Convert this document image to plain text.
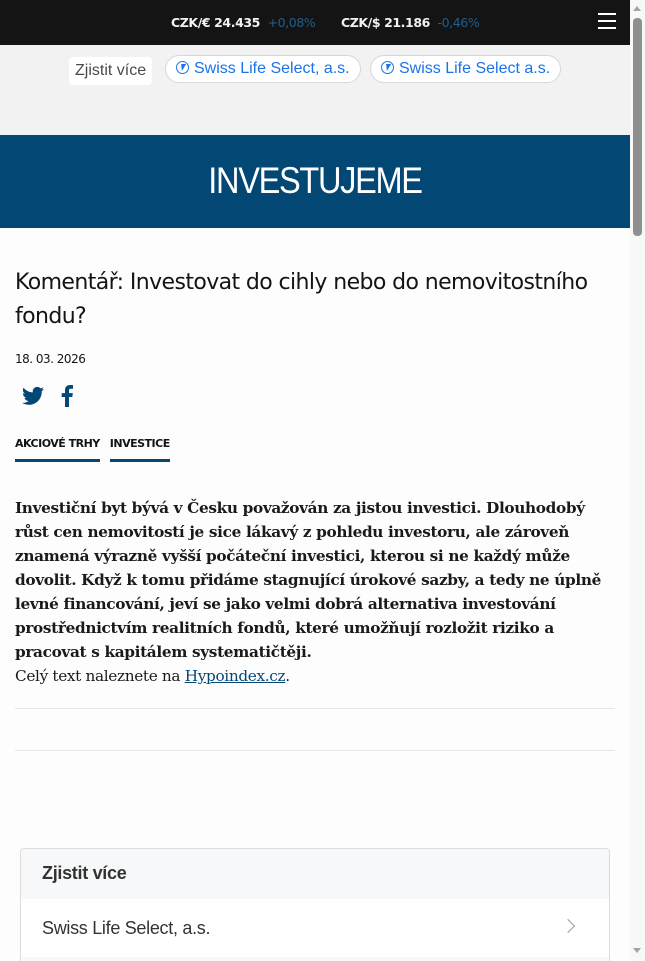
CZK/€ 24.435 +0,08% CZK/$ 21.186 -0,46%
Zjistit více	Swiss Life Select, a.s.	Swiss Life Select a.s.
INVESTUJEME
Komentář: Investovat do cihly nebo do nemovitostního fondu?
18. 03. 2026
AKCIOVÉ TRHY INVESTICE

Investiční byt bývá v Česku považován za jistou investici. Dlouhodobý růst cen nemovitostí je sice lákavý z pohledu investoru, ale zároveň znamená výrazně vyšší počáteční investici, kterou si ne každý může dovolit. Když k tomu přidáme stagnující úrokové sazby, a tedy ne úplně levné financování, jeví se jako velmi dobrá alternativa investování prostřednictvím realitních fondů, které umožňují rozložit riziko a pracovat s kapitálem systematičtěji.

Celý text naleznete na Hypoindex.cz.

Zjistit více
Swiss Life Select, a.s.
